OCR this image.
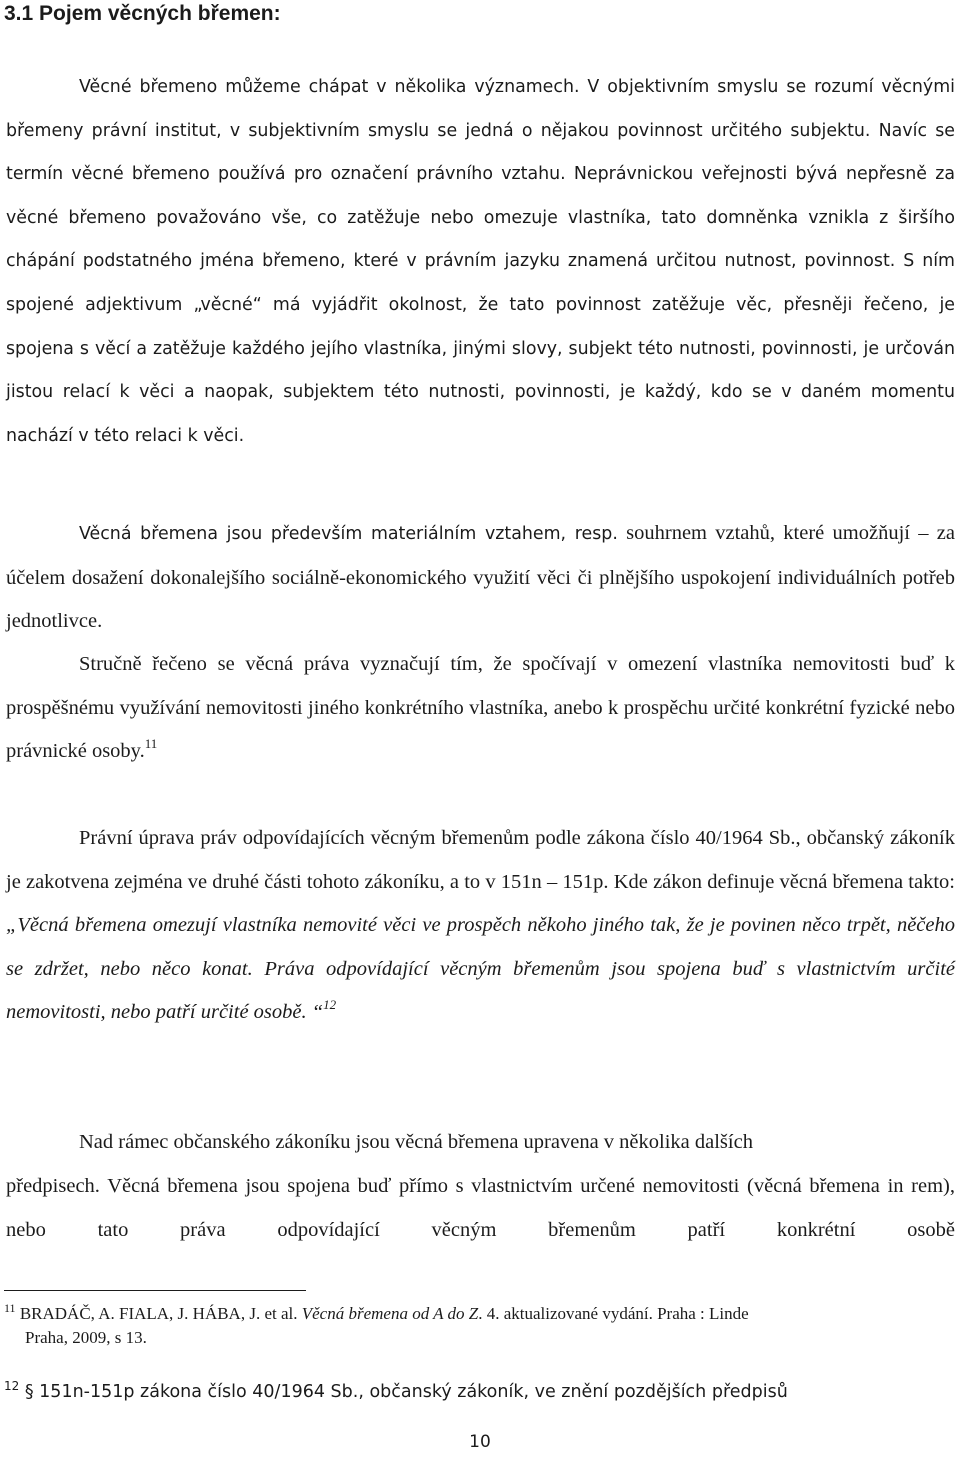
3.1 Pojem věcných břemen:

Věcné břemeno můžeme chápat v několika významech. V objektivním smyslu se rozumí věcnými břemeny právní institut, v subjektivním smyslu se jedná o nějakou povinnost určitého subjektu. Navíc se termín věcné břemeno používá pro označení právního vztahu. Neprávnickou veřejnosti bývá nepřesně za věcné břemeno považováno vše, co zatěžuje nebo omezuje vlastníka, tato domněnka vznikla z širšího chápání podstatného jména břemeno, které v právním jazyku znamená určitou nutnost, povinnost. S ním spojené adjektivum „věcné“ má vyjádřit okolnost, že tato povinnost zatěžuje věc, přesněji řečeno, je spojena s věcí a zatěžuje každého jejího vlastníka, jinými slovy, subjekt této nutnosti, povinnosti, je určován jistou relací k věci a naopak, subjektem této nutnosti, povinnosti, je každý, kdo se v daném momentu nachází v této relaci k věci.

Věcná břemena jsou především materiálním vztahem, resp. souhrnem vztahů, které umožňují – za účelem dosažení dokonalejšího sociálně-ekonomického využití věci či plnějšího uspokojení individuálních potřeb jednotlivce.

Stručně řečeno se věcná práva vyznačují tím, že spočívají v omezení vlastníka nemovitosti buď k prospěšnému využívání nemovitosti jiného konkrétního vlastníka, anebo k prospěchu určité konkrétní fyzické nebo právnické osoby.$^{11}$

Právní úprava práv odpovídajících věcným břemenům podle zákona číslo 40/1964 Sb., občanský zákoník je zakotvena zejména ve druhé části tohoto zákoníku, a to v 151n – 151p. Kde zákon definuje věcná břemena takto: „Věcná břemena omezují vlastníka nemovité věci ve prospěch někoho jiného tak, že je povinen něco trpět, něčeho se zdržet, nebo něco konat. Práva odpovídající věcným břemenům jsou spojena buď s vlastnictvím určité nemovitosti, nebo patří určité osobě. “$^{12}$

Nad rámec občanského zákoníku jsou věcná břemena upravena v několika dalších

předpisech. Věcná břemena jsou spojena buď přímo s vlastnictvím určené nemovitosti (věcná břemena in rem), nebo tato práva odpovídající věcným břemenům patří konkrétní osobě

$^{11}$ BRADÁČ, A. FIALA, J. HÁBA, J. et al. Věcná břemena od A do Z. 4. aktualizované vydání. Praha : Linde
Praha, 2009, s 13.

$^{12}$ § 151n-151p zákona číslo 40/1964 Sb., občanský zákoník, ve znění pozdějších předpisů

10
